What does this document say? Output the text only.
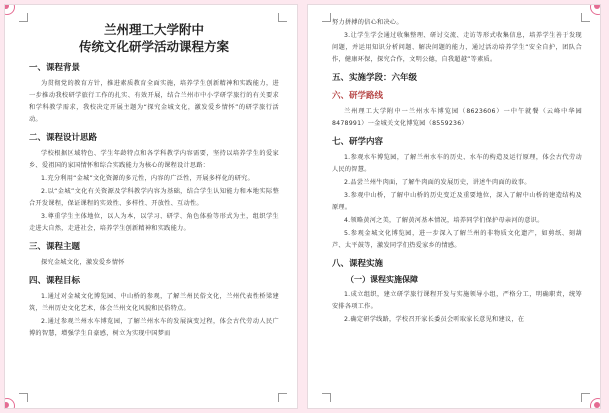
兰州理工大学附中
传统文化研学活动课程方案
一、课程背景
为贯彻党的教育方针，推进素质教育全面实施，培养学生创新精神和实践能力，进一步推动我校研学旅行工作的扎实、有效开展，结合兰州市中小学研学旅行的有关要求和学科教学需求，我校决定开展主题为“探究金城文化，激发爱乡情怀”的研学旅行活动。
二、课程设计思路
学校根据区域特色、学生年龄特点和各学科教学内容需要，坚持以培养学生的爱家乡、爱祖国的家国情怀和综合实践能力为核心的课程设计思路：
1.充分利用“金城”文化资源的多元性，内容的广泛性，开展多样化的研究。
2.以“金城”文化有关资源及学科教学内容为基础，结合学生认知能力和本地实际整合开发课程，保证课程的实效性、多样性、开放性、互动性。
3.尊重学生主体地位，以人为本，以学习、研学、角色体验等形式为主，组织学生走进大自然，走进社会，培养学生创新精神和实践能力。
三、课程主题
探究金城文化，激发爱乡情怀
四、课程目标
1.通过对金城文化博览园、中山桥的参观，了解兰州民俗文化，兰州代表性桥梁建筑，兰州历史文化艺术，体会兰州文化风貌和民俗特点。
2.通过参观兰州水车博览园，了解兰州水车的发展演变过程，体会古代劳动人民广博的智慧，增强学生自豪感，树立为实现中国梦而
努力拼搏的信心和决心。
3.让学生学会通过收集整理、研讨交流、走访等形式收集信息，培养学生善于发现问题，并运用知识分析问题、解决问题的能力，通过活动培养学生“安全自护，团队合作，健康环保，探究合作，文明公德，自我超越”等素质。
五、实施学段：六年级
六、研学路线
兰州理工大学附中一兰州水车博览园（8623606）一中午就餐（云峰中华园8478991）一金城关文化博览园（8559236）
七、研学内容
1.参观水车博览园，了解兰州水车的历史、水车的构造及运行原理，体会古代劳动人民的智慧。
2.品尝兰州牛肉面，了解牛肉面的发展历史，讲述牛肉面的故事。
3.参观中山桥，了解中山桥的历史变迁及重要地位，深入了解中山桥的建造结构及原理。
4.领略黄河之美，了解黄河基本情况，培养同学们保护母亲河的意识。
5.参观金城文化博览园，进一步深入了解兰州的非物质文化遗产，如剪纸、刻葫芦、太平鼓等，激发同学们热爱家乡的情感。
八、课程实施
（一）课程实施保障
1.成立组织，建立研学旅行课程开发与实施领导小组，严格分工，明确职责，统筹安排各项工作。
2.确定研学线路，学校召开家长委员会听取家长意见和建议，在
